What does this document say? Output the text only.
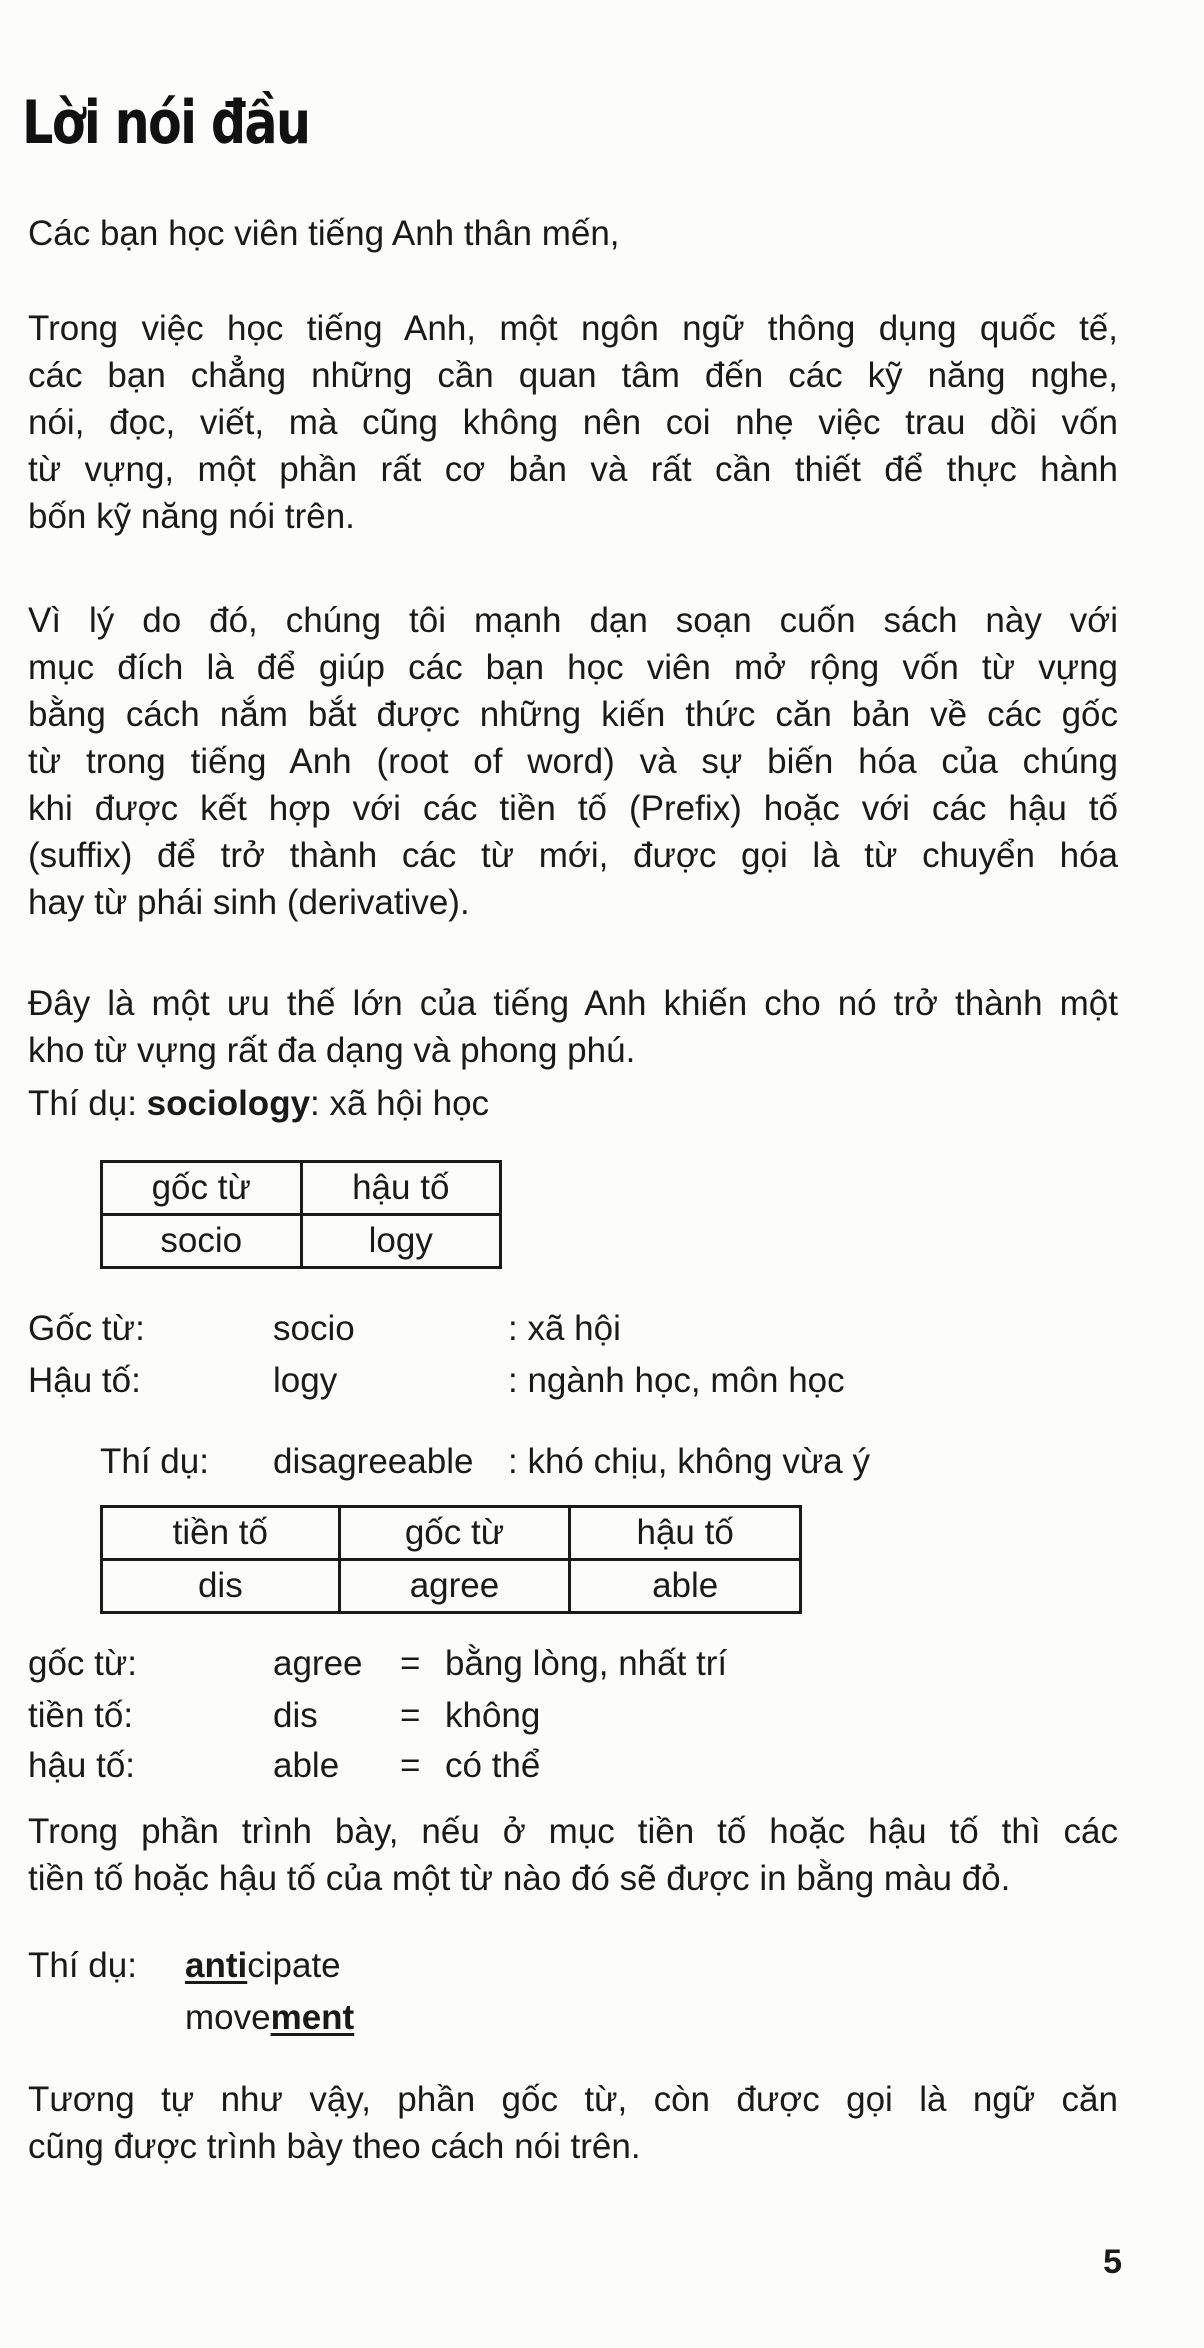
Lời nói đầu

Các bạn học viên tiếng Anh thân mến,

Trong việc học tiếng Anh, một ngôn ngữ thông dụng quốc tế,
các bạn chẳng những cần quan tâm đến các kỹ năng nghe,
nói, đọc, viết, mà cũng không nên coi nhẹ việc trau dồi vốn
từ vựng, một phần rất cơ bản và rất cần thiết để thực hành
bốn kỹ năng nói trên.

Vì lý do đó, chúng tôi mạnh dạn soạn cuốn sách này với
mục đích là để giúp các bạn học viên mở rộng vốn từ vựng
bằng cách nắm bắt được những kiến thức căn bản về các gốc
từ trong tiếng Anh (root of word) và sự biến hóa của chúng
khi được kết hợp với các tiền tố (Prefix) hoặc với các hậu tố
(suffix) để trở thành các từ mới, được gọi là từ chuyển hóa
hay từ phái sinh (derivative).

Đây là một ưu thế lớn của tiếng Anh khiến cho nó trở thành một
kho từ vựng rất đa dạng và phong phú.

Thí dụ: sociology: xã hội học

gốc từ	hậu tố
socio	logy
Gốc từ:	socio	: xã hội
Hậu tố:	logy	: ngành học, môn học
Thí dụ: disagreeable : khó chịu, không vừa ý
tiền tố	gốc từ	hậu tố
dis	agree	able
gốc từ:	agree = bằng lòng, nhất trí
tiền tố:	dis = không
hậu tố:	able = có thể

Trong phần trình bày, nếu ở mục tiền tố hoặc hậu tố thì các
tiền tố hoặc hậu tố của một từ nào đó sẽ được in bằng màu đỏ.

Thí dụ: anticipate
movement

Tương tự như vậy, phần gốc từ, còn được gọi là ngữ căn
cũng được trình bày theo cách nói trên.

5
